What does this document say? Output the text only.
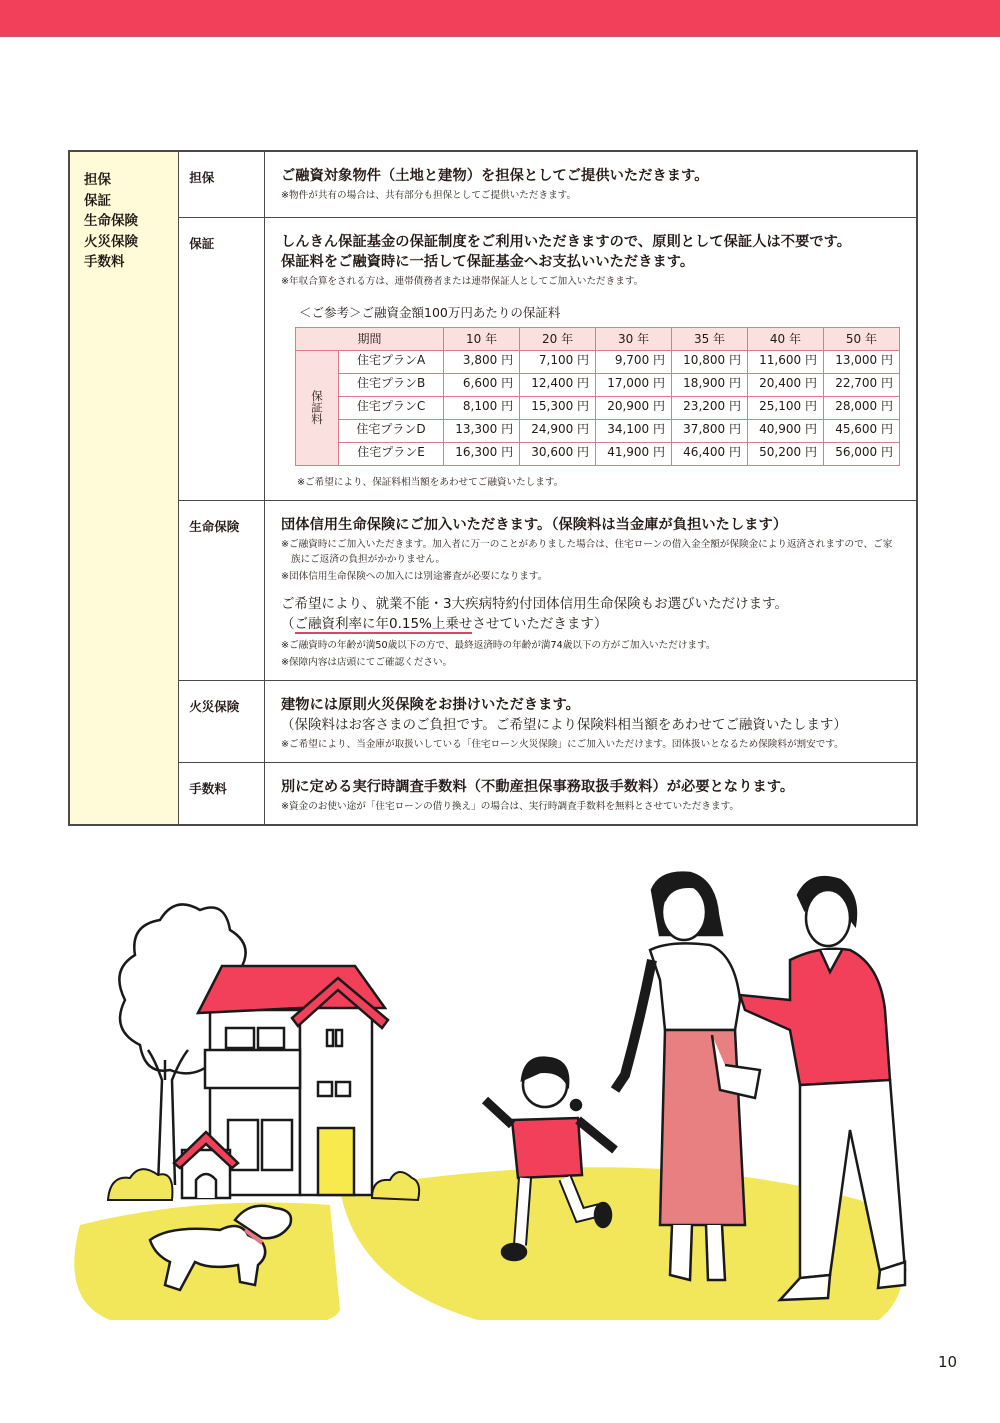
担保
保証
生命保険
火災保険
手数料
	担保	ご融資対象物件（土地と建物）を担保としてご提供いただきます。
※物件が共有の場合は、共有部分も担保としてご提供いただきます。

保証	しんきん保証基金の保証制度をご利用いただきますので、原則として保証人は不要です。
保証料をご融資時に一括して保証基金へお支払いいただきます。
※年収合算をされる方は、連帯債務者または連帯保証人としてご加入いただきます。
＜ご参考＞ご融資金額100万円あたりの保証料
期間	10 年	20 年	30 年	35 年	40 年	50 年
保証料	住宅プランA	3,800 円	7,100 円	9,700 円	10,800 円	11,600 円	13,000 円
住宅プランB	6,600 円	12,400 円	17,000 円	18,900 円	20,400 円	22,700 円
住宅プランC	8,100 円	15,300 円	20,900 円	23,200 円	25,100 円	28,000 円
住宅プランD	13,300 円	24,900 円	34,100 円	37,800 円	40,900 円	45,600 円
住宅プランE	16,300 円	30,600 円	41,900 円	46,400 円	50,200 円	56,000 円
※ご希望により、保証料相当額をあわせてご融資いたします。

生命保険	団体信用生命保険にご加入いただきます。（保険料は当金庫が負担いたします）
※ご融資時にご加入いただきます。加入者に万一のことがありました場合は、住宅ローンの借入金全額が保険金により返済されますので、ご家族にご返済の負担がかかりません。
※団体信用生命保険への加入には別途審査が必要になります。
ご希望により、就業不能・3大疾病特約付団体信用生命保険もお選びいただけます。
（ご融資利率に年0.15%上乗せさせていただきます）
※ご融資時の年齢が満50歳以下の方で、最終返済時の年齢が満74歳以下の方がご加入いただけます。
※保障内容は店頭にてご確認ください。

火災保険	建物には原則火災保険をお掛けいただきます。
（保険料はお客さまのご負担です。ご希望により保険料相当額をあわせてご融資いたします）
※ご希望により、当金庫が取扱いしている「住宅ローン火災保険」にご加入いただけます。団体扱いとなるため保険料が割安です。

手数料	別に定める実行時調査手数料（不動産担保事務取扱手数料）が必要となります。
※資金のお使い途が「住宅ローンの借り換え」の場合は、実行時調査手数料を無料とさせていただきます。
10
